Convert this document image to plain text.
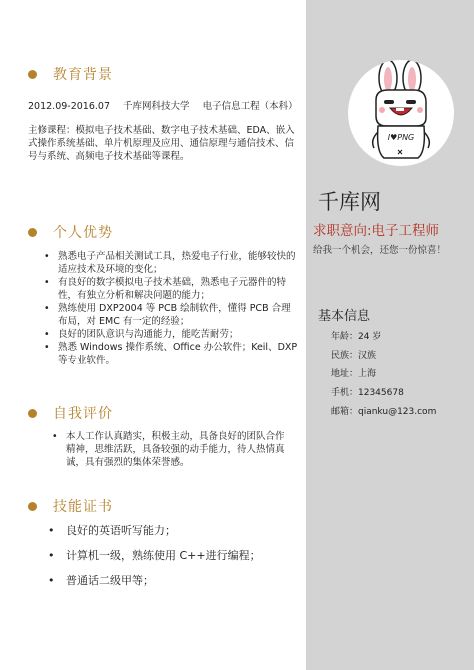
I♥PNG
教育背景
2012.09-2016.07 千库网科技大学 电子信息工程（本科）
主修课程：模拟电子技术基础、数字电子技术基础、EDA、嵌入式操作系统基础、单片机原理及应用、通信原理与通信技术、信号与系统、高频电子技术基础等课程。
个人优势
• 熟悉电子产品相关测试工具，热爱电子行业，能够较快的适应技术及环境的变化；
• 有良好的数字模拟电子技术基础，熟悉电子元器件的特性，有独立分析和解决问题的能力；
• 熟练使用 DXP2004 等 PCB 绘制软件，懂得 PCB 合理布局，对 EMC 有一定的经验；
• 良好的团队意识与沟通能力，能吃苦耐劳；
• 熟悉 Windows 操作系统、Office 办公软件；Keil、DXP 等专业软件。
自我评价
• 本人工作认真踏实，积极主动，具备良好的团队合作精神，思维活跃，具备较强的动手能力，待人热情真诚，具有强烈的集体荣誉感。
技能证书
• 良好的英语听写能力；
• 计算机一级，熟练使用 C++进行编程；
• 普通话二级甲等；
千库网
求职意向:电子工程师
给我一个机会，还您一份惊喜！
基本信息
年龄：24 岁
民族：汉族
地址：上海
手机：12345678
邮箱：qianku@123.com
